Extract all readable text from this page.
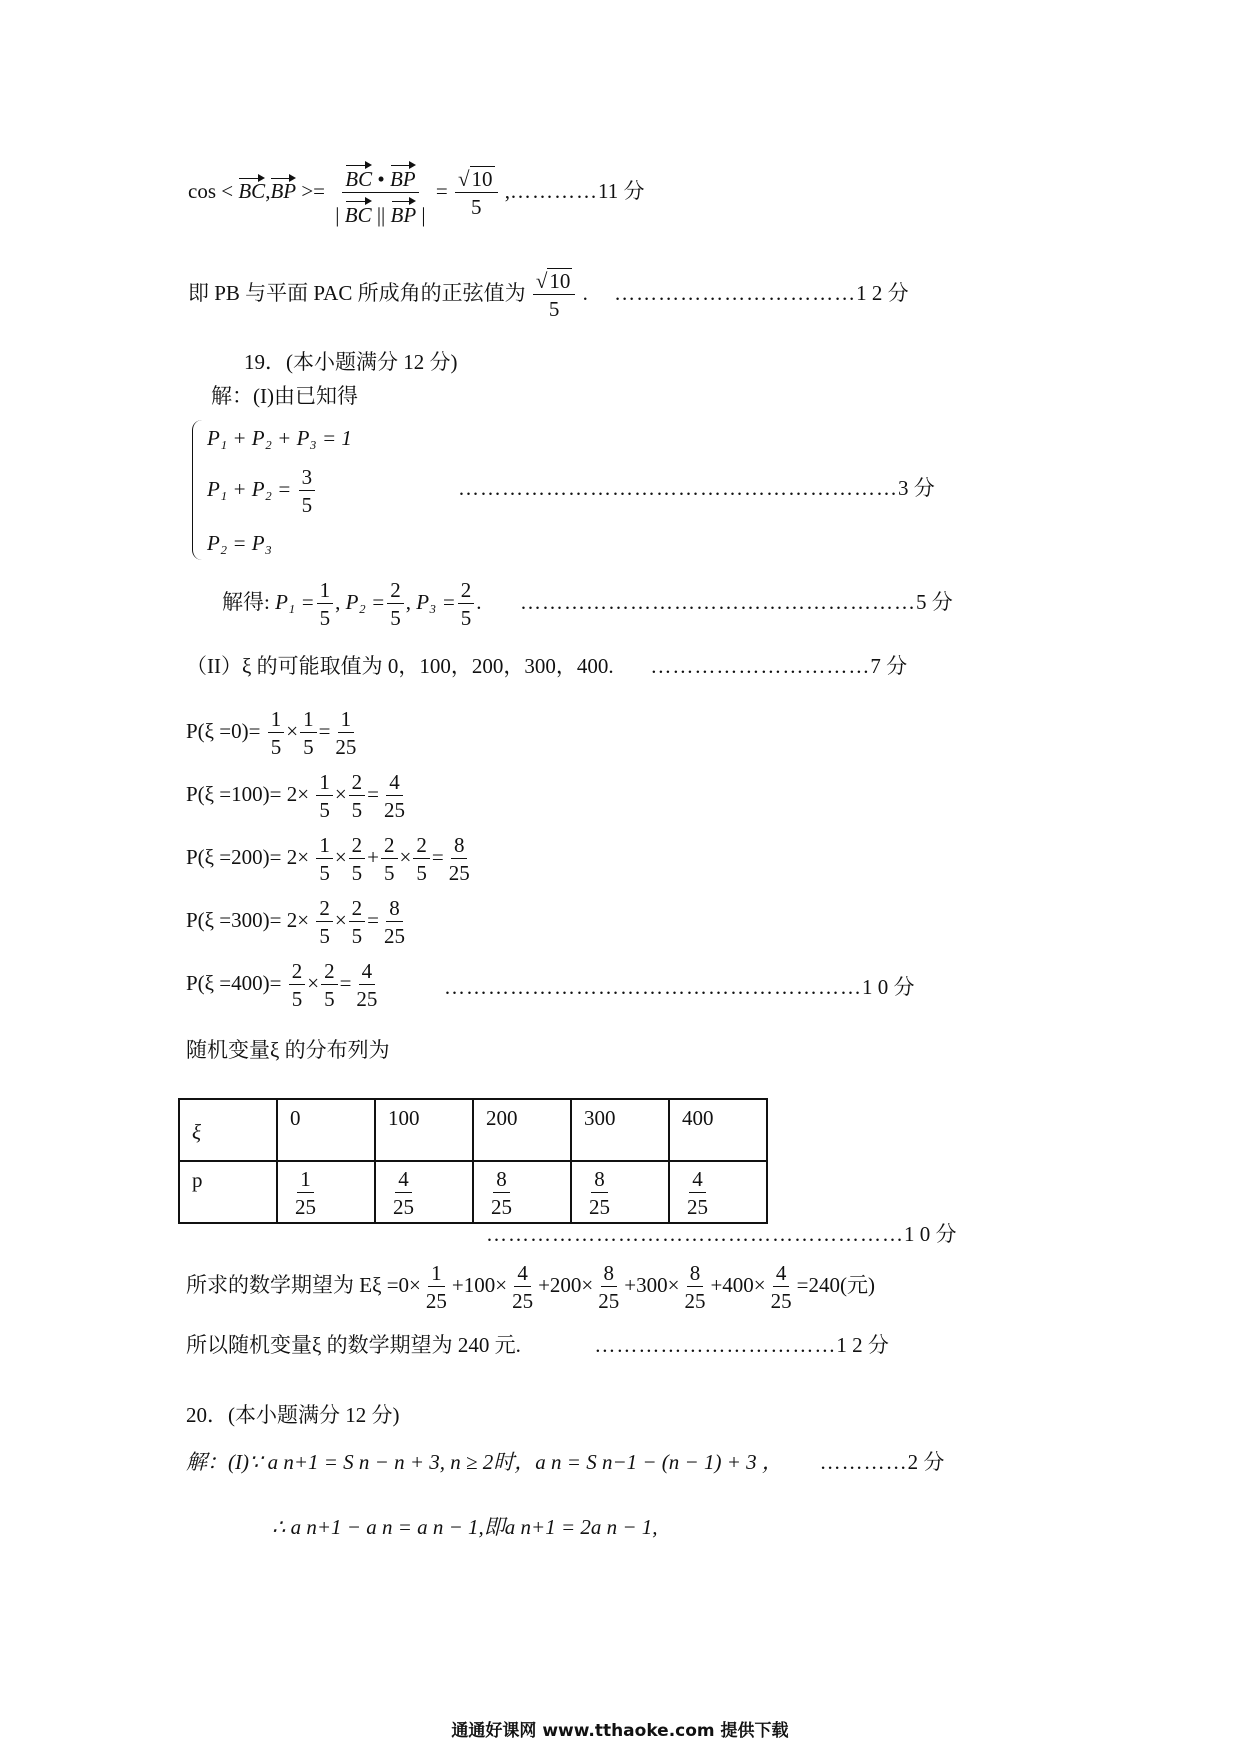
$\cos < BC,BP >= \frac{BC • BP}{| BC || BP |} = \frac{√10}{5}$ ,…………11 分
即 PB 与平面 PAC 所成角的正弦值为 $\frac{√10}{5}$ .     ……………………………1 2 分
19．(本小题满分 12 分)
解：(I)由已知得
P₁ + P₂ + P₃ = 1
$P_1 + P_2 = \frac{3}{5}$
P₂ = P₃
……………………………………………………3 分
解得: $P_1 = \frac{1}{5}$ , $P_2 = \frac{2}{5}$ , $P_3 = \frac{2}{5}$ . ………………………………………………5 分
（II）ξ 的可能取值为 0，100，200，300，400. …………………………7 分
$P(\xi =0)= \frac{1}{5} \times \frac{1}{5} = \frac{1}{25}$
$P(\xi =100)= 2\times \frac{1}{5} \times \frac{2}{5} = \frac{4}{25}$
$P(\xi =200)= 2\times \frac{1}{5} \times \frac{2}{5} + \frac{2}{5} \times \frac{2}{5} = \frac{8}{25}$
$P(\xi =300)= 2\times \frac{2}{5} \times \frac{2}{5} = \frac{8}{25}$
$P(\xi =400)= \frac{2}{5} \times \frac{2}{5} = \frac{4}{25}$	…………………………………………………1 0 分
随机变量ξ 的分布列为
ξ	0	100	200	300	400
p	$\frac{1}{25}$	$\frac{4}{25}$	$\frac{8}{25}$	$\frac{8}{25}$	$\frac{4}{25}$
…………………………………………………1 0 分
所求的数学期望为 $E\xi =0\times \frac{1}{25} +100\times \frac{4}{25} +200\times \frac{8}{25} +300\times \frac{8}{25} +400\times \frac{4}{25} =240$(元)
所以随机变量ξ 的数学期望为 240 元.	……………………………1 2 分
20．(本小题满分 12 分)
解：(I)∵ a n+1 = S n − n + 3, n ≥ 2时，a n = S n−1 − (n − 1) + 3 ， …………2 分
∴ a n+1 − a n = a n − 1,即a n+1 = 2a n − 1,
通通好课网 www.tthaoke.com 提供下载
